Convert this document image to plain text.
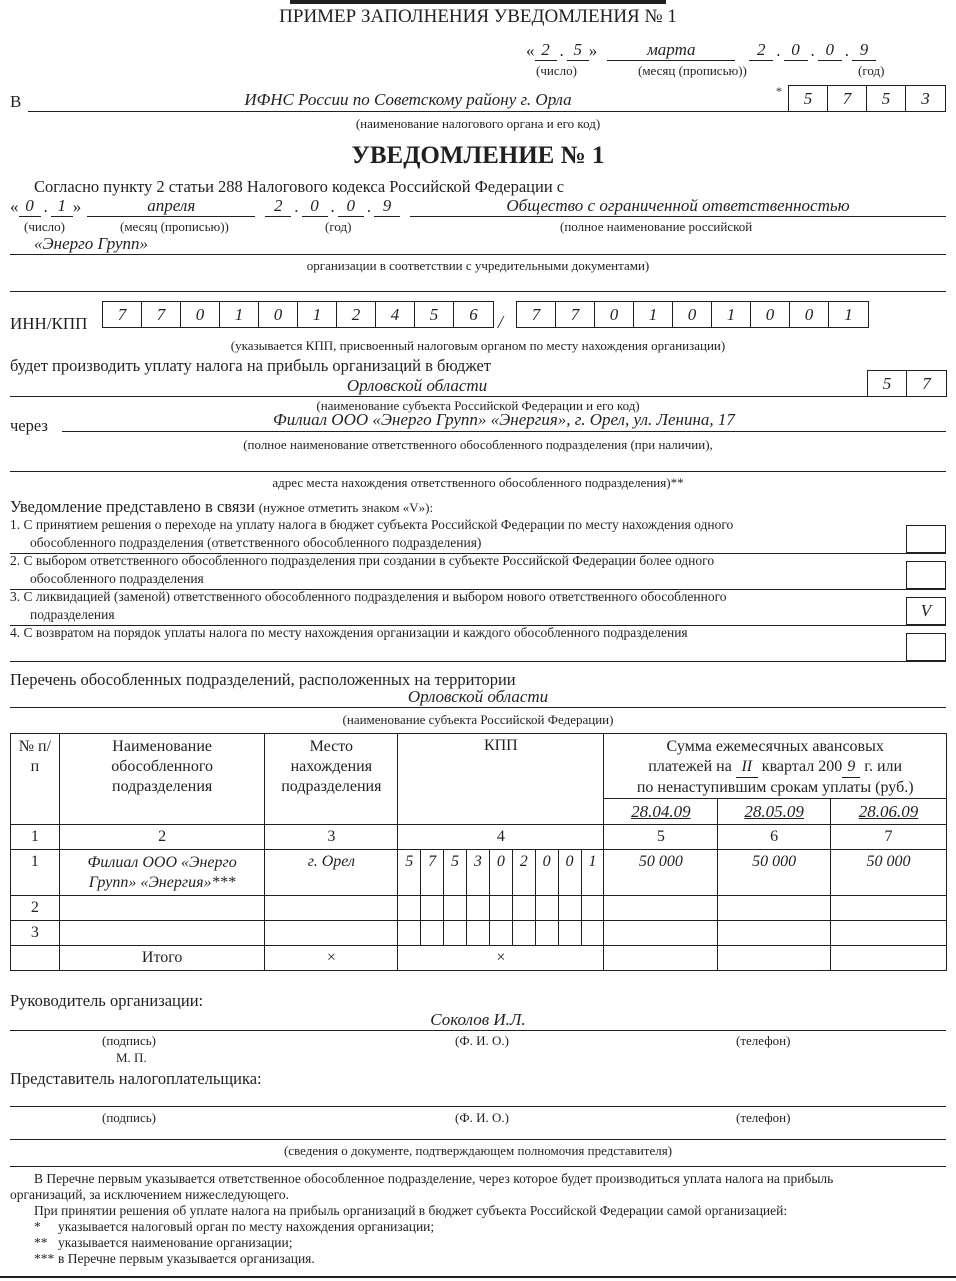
ПРИМЕР ЗАПОЛНЕНИЯ УВЕДОМЛЕНИЯ № 1
« 2 . 5 »	марта	2 . 0 . 0 . 9
(число)	(месяц (прописью))	(год)
В	ИФНС России по Советскому району г. Орла	*	5	7	5	3
(наименование налогового органа и его код)
УВЕДОМЛЕНИЕ № 1
Согласно пункту 2 статьи 288 Налогового кодекса Российской Федерации с
« 0 . 1 »	апреля	2 . 0 . 0 . 9	Общество с ограниченной ответственностью
(число)	(месяц (прописью))	(год)	(полное наименование российской
«Энерго Групп»
организации в соответствии с учредительными документами)
ИНН/КПП	7	7	0	1	0	1	2	4	5	6	/	7	7	0	1	0	1	0	0	1
(указывается КПП, присвоенный налоговым органом по месту нахождения организации)
будет производить уплату налога на прибыль организаций в бюджет
Орловской области	5	7
(наименование субъекта Российской Федерации и его код)
через	Филиал ООО «Энерго Групп» «Энергия», г. Орел, ул. Ленина, 17
(полное наименование ответственного обособленного подразделения (при наличии),
адрес места нахождения ответственного обособленного подразделения)**
Уведомление представлено в связи (нужное отметить знаком «V»):
1. С принятием решения о переходе на уплату налога в бюджет субъекта Российской Федерации по месту нахождения одного
обособленного подразделения (ответственного обособленного подразделения)
2. С выбором ответственного обособленного подразделения при создании в субъекте Российской Федерации более одного
обособленного подразделения
3. С ликвидацией (заменой) ответственного обособленного подразделения и выбором нового ответственного обособленного
подразделения	V
4. С возвратом на порядок уплаты налога по месту нахождения организации и каждого обособленного подразделения
Перечень обособленных подразделений, расположенных на территории
Орловской области
(наименование субъекта Российской Федерации)
№ п/п	Наименование обособленного подразделения	Место нахождения подразделения	КПП									Сумма ежемесячных авансовых
платежей на II квартал 200 9 г. или
по ненаступившим срокам уплаты (руб.)		

												28.04.09	28.05.09	28.06.09
1	2	3	4									5	6	7
1	Филиал ООО «Энерго Групп» «Энергия»***	г. Орел	5	7	5	3	0	2	0	0	1	50 000	50 000	50 000
2														
3														
	Итого	×	×											
Руководитель организации:
Соколов И.Л.
(подпись)	(Ф. И. О.)	(телефон)
М. П.
Представитель налогоплательщика:
(подпись)	(Ф. И. О.)	(телефон)
(сведения о документе, подтверждающем полномочия представителя)
В Перечне первым указывается ответственное обособленное подразделение, через которое будет производиться уплата налога на прибыль
организаций, за исключением нижеследующего.
При принятии решения об уплате налога на прибыль организаций в бюджет субъекта Российской Федерации самой организацией:
* указывается налоговый орган по месту нахождения организации;
** указывается наименование организации;
*** в Перечне первым указывается организация.
